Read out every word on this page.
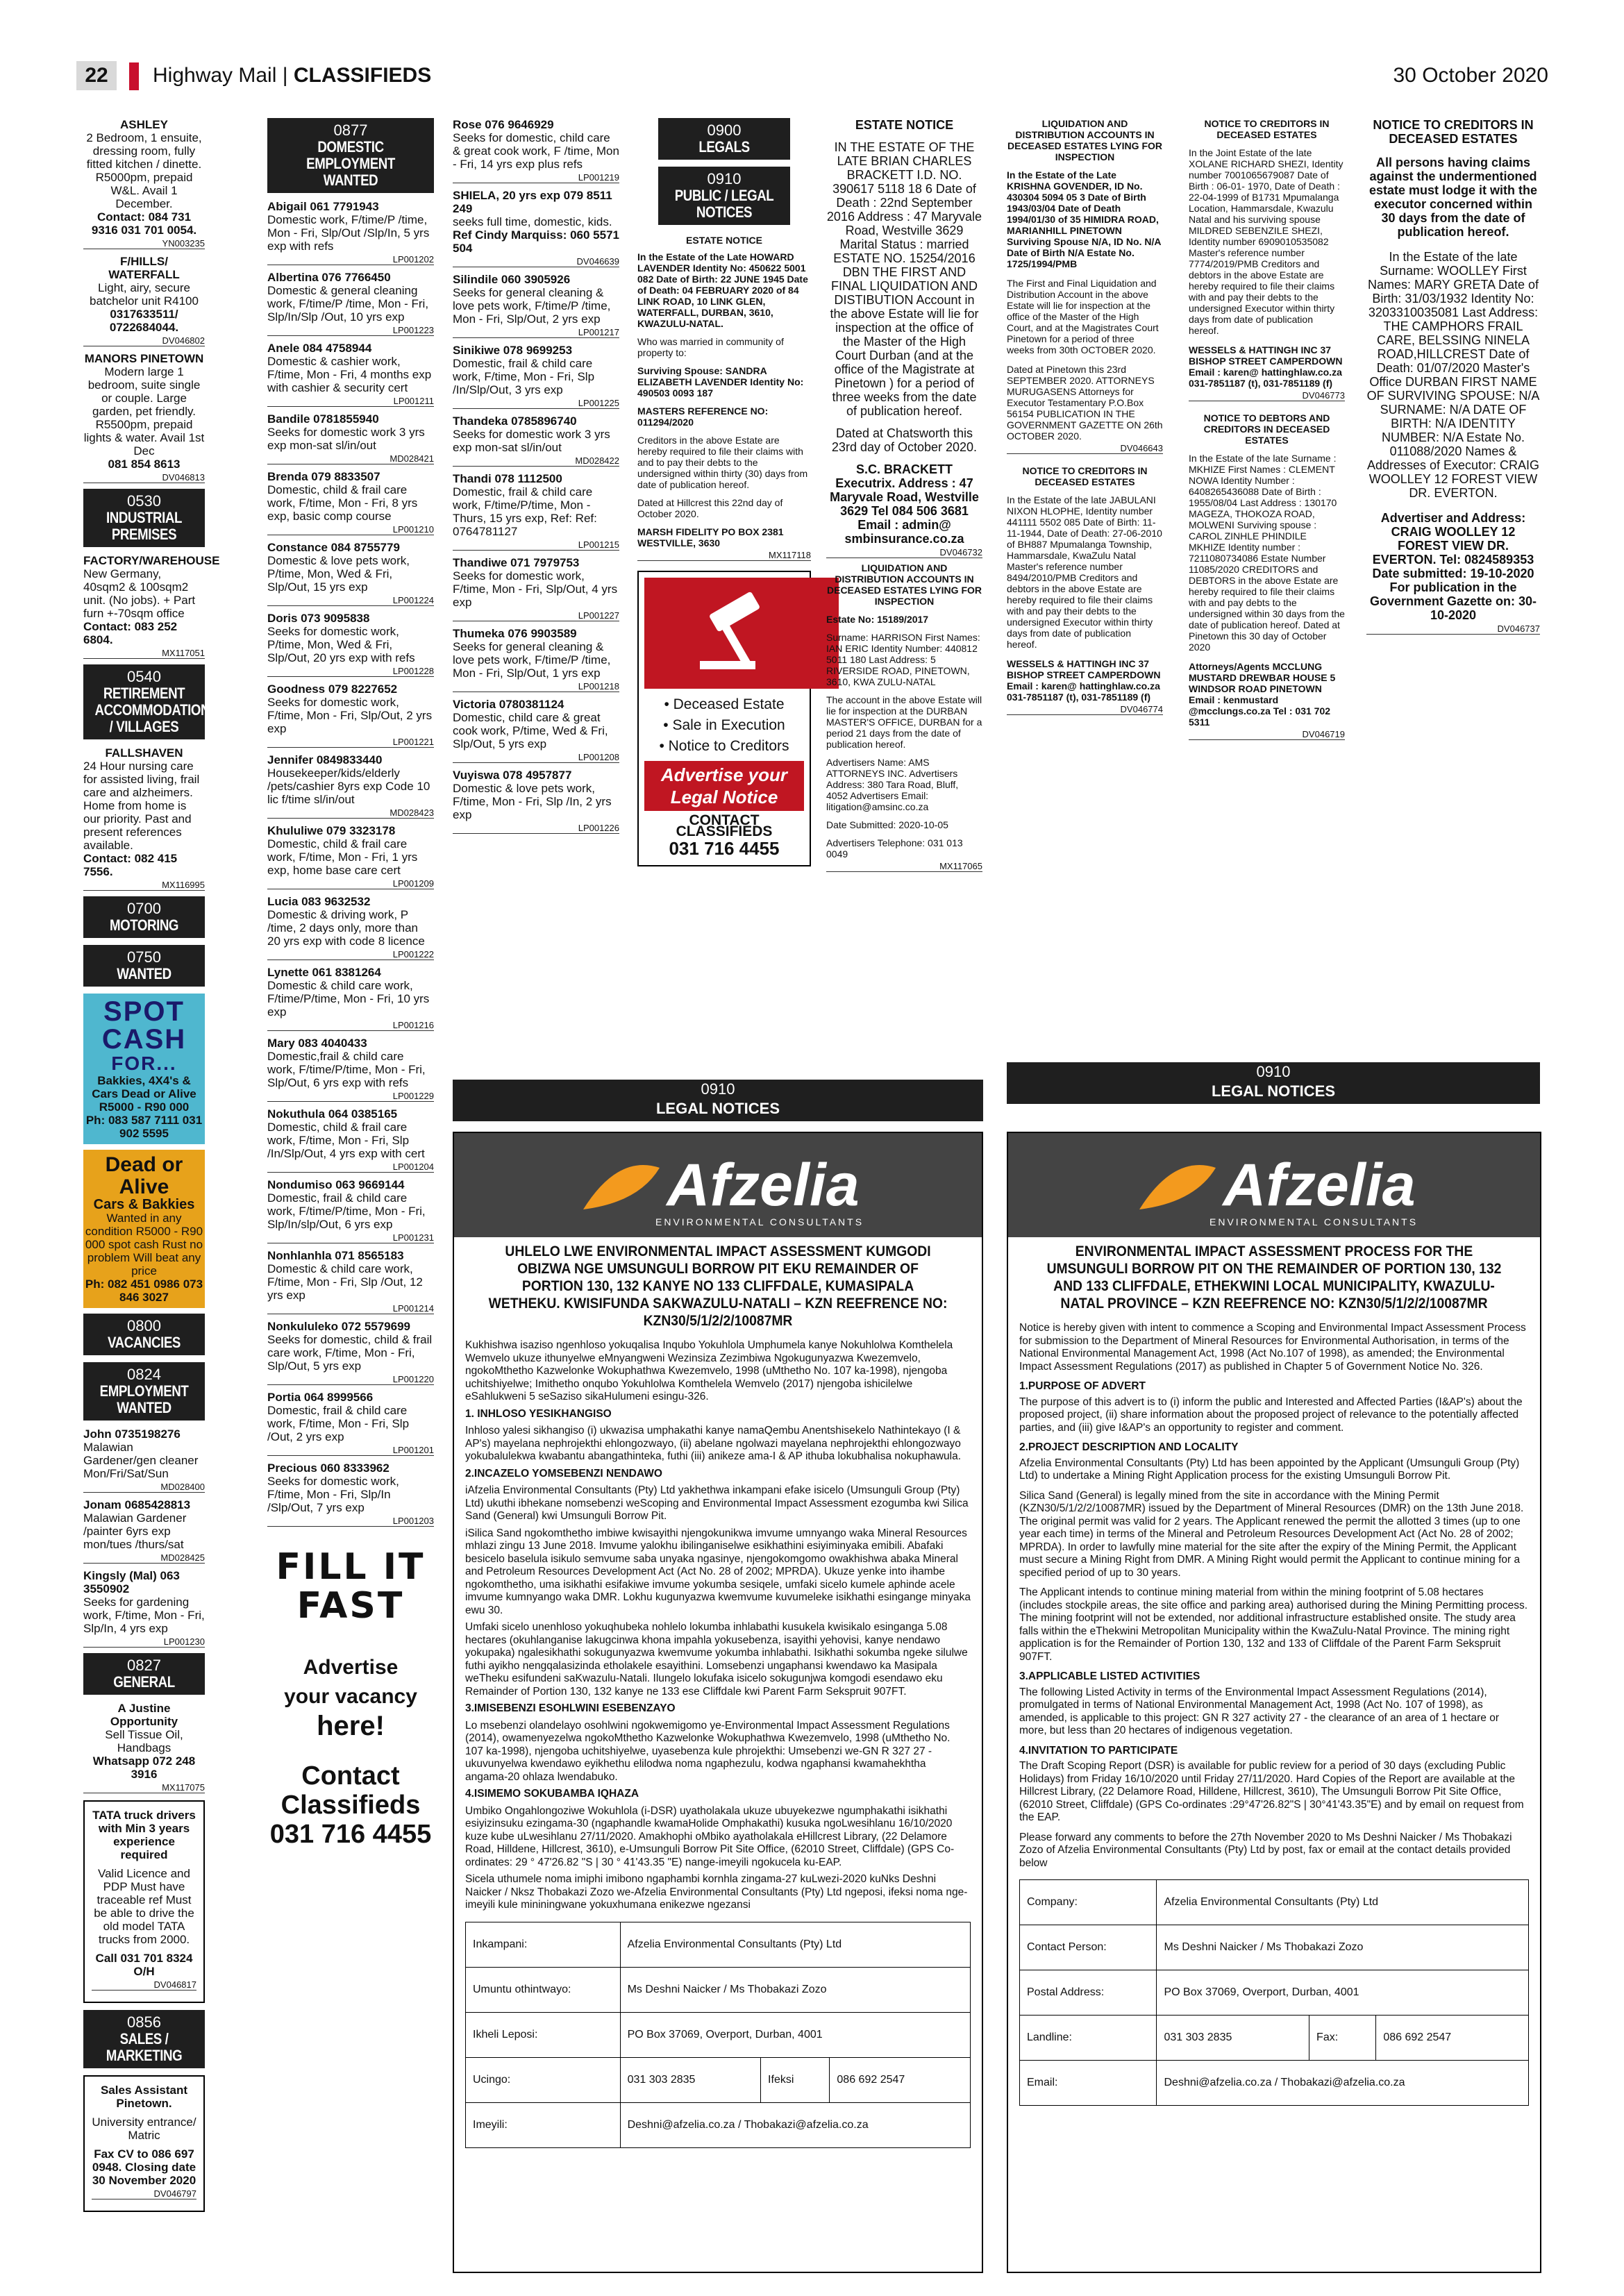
22	Highway Mail | CLASSIFIEDS	30 October 2020
ASHLEY
2 Bedroom, 1 ensuite, dressing room, fully fitted kitchen / dinette. R5000pm, prepaid W&L. Avail 1 December.
Contact: 084 731 9316 031 701 0054.
YN003235
F/HILLS/ WATERFALL
Light, airy, secure batchelor unit R4100
0317633511/ 0722684044.
DV046802
MANORS PINETOWN
Modern large 1 bedroom, suite single or couple. Large garden, pet friendly. R5500pm, prepaid lights & water. Avail 1st Dec
081 854 8613
DV046813
0530
INDUSTRIAL PREMISES
FACTORY/WAREHOUSE
New Germany, 40sqm2 & 100sqm2 unit. (No jobs). + Part furn +-70sqm office
Contact: 083 252 6804.
MX117051
0540
RETIREMENT ACCOMMODATION / VILLAGES
FALLSHAVEN
24 Hour nursing care for assisted living, frail care and alzheimers. Home from home is our priority. Past and present references available.
Contact: 082 415 7556.
MX116995
0700
MOTORING
0750
WANTED
SPOT
CASH
FOR...
Bakkies, 4X4's & Cars Dead or Alive R5000 - R90 000
Ph: 083 587 7111 031 902 5595
Dead or Alive
Cars & Bakkies
Wanted in any condition R5000 - R90 000 spot cash Rust no problem Will beat any price
Ph: 082 451 0986 073 846 3027
0800
VACANCIES
0824
EMPLOYMENT WANTED
John 0735198276
Malawian Gardener/gen cleaner Mon/Fri/Sat/Sun
MD028400
Jonam 0685428813
Malawian Gardener /painter 6yrs exp mon/tues /thurs/sat
MD028425
Kingsly (Mal) 063 3550902
Seeks for gardening work, F/time, Mon - Fri, Slp/In, 4 yrs exp
LP001230
0827
GENERAL
A Justine Opportunity
Sell Tissue Oil, Handbags
Whatsapp 072 248 3916
MX117075
TATA truck drivers with Min 3 years experience required
Valid Licence and PDP Must have traceable ref Must be able to drive the old model TATA trucks from 2000.
Call 031 701 8324 O/H
DV046817
0856
SALES / MARKETING
Sales Assistant Pinetown.
University entrance/ Matric
Fax CV to 086 697 0948. Closing date 30 November 2020
DV046797
0877
DOMESTIC EMPLOYMENT WANTED
Abigail 061 7791943
Domestic work, F/time/P /time, Mon - Fri, Slp/Out /Slp/In, 5 yrs exp with refs
LP001202
Albertina 076 7766450
Domestic & general cleaning work, F/time/P /time, Mon - Fri, Slp/In/Slp /Out, 10 yrs exp
LP001223
Anele 084 4758944
Domestic & cashier work, F/time, Mon - Fri, 4 months exp with cashier & security cert
LP001211
Bandile 0781855940
Seeks for domestic work 3 yrs exp mon-sat sl/in/out
MD028421
Brenda 079 8833507
Domestic, child & frail care work, F/time, Mon - Fri, 8 yrs exp, basic comp course
LP001210
Constance 084 8755779
Domestic & love pets work, P/time, Mon, Wed & Fri, Slp/Out, 15 yrs exp
LP001224
Doris 073 9095838
Seeks for domestic work, P/time, Mon, Wed & Fri, Slp/Out, 20 yrs exp with refs
LP001228
Goodness 079 8227652
Seeks for domestic work, F/time, Mon - Fri, Slp/Out, 2 yrs exp
LP001221
Jennifer 0849833440
Housekeeper/kids/elderly /pets/cashier 8yrs exp Code 10 lic f/time sl/in/out
MD028423
Khululiwe 079 3323178
Domestic, child & frail care work, F/time, Mon - Fri, 1 yrs exp, home base care cert
LP001209
Lucia 083 9632532
Domestic & driving work, P /time, 2 days only, more than 20 yrs exp with code 8 licence
LP001222
Lynette 061 8381264
Domestic & child care work, F/time/P/time, Mon - Fri, 10 yrs exp
LP001216
Mary 083 4040433
Domestic,frail & child care work, F/time/P/time, Mon - Fri, Slp/Out, 6 yrs exp with refs
LP001229
Nokuthula 064 0385165
Domestic, child & frail care work, F/time, Mon - Fri, Slp /In/Slp/Out, 4 yrs exp with cert
LP001204
Nondumiso 063 9669144
Domestic, frail & child care work, F/time/P/time, Mon - Fri, Slp/In/slp/Out, 6 yrs exp
LP001231
Nonhlanhla 071 8565183
Domestic & child care work, F/time, Mon - Fri, Slp /Out, 12 yrs exp
LP001214
Nonkululeko 072 5579699
Seeks for domestic, child & frail care work, F/time, Mon - Fri, Slp/Out, 5 yrs exp
LP001220
Portia 064 8999566
Domestic, frail & child care work, F/time, Mon - Fri, Slp /Out, 2 yrs exp
LP001201
Precious 060 8333962
Seeks for domestic work, F/time, Mon - Fri, Slp/In /Slp/Out, 7 yrs exp
LP001203
FILL IT
FAST
Advertise
your vacancy
here!
Contact
Classifieds
031 716 4455
Rose 076 9646929
Seeks for domestic, child care & great cook work, F /time, Mon - Fri, 14 yrs exp plus refs
LP001219
SHIELA, 20 yrs exp 079 8511 249
seeks full time, domestic, kids.
Ref Cindy Marquiss: 060 5571 504
DV046639
Silindile 060 3905926
Seeks for general cleaning & love pets work, F/time/P /time, Mon - Fri, Slp/Out, 2 yrs exp
LP001217
Sinikiwe 078 9699253
Domestic, frail & child care work, F/time, Mon - Fri, Slp /In/Slp/Out, 3 yrs exp
LP001225
Thandeka 0785896740
Seeks for domestic work 3 yrs exp mon-sat sl/in/out
MD028422
Thandi 078 1112500
Domestic, frail & child care work, F/time/P/time, Mon - Thurs, 15 yrs exp, Ref: Ref: 0764781127
LP001215
Thandiwe 071 7979753
Seeks for domestic work, F/time, Mon - Fri, Slp/Out, 4 yrs exp
LP001227
Thumeka 076 9903589
Seeks for general cleaning & love pets work, F/time/P /time, Mon - Fri, Slp/Out, 1 yrs exp
LP001218
Victoria 0780381124
Domestic, child care & great cook work, P/time, Wed & Fri, Slp/Out, 5 yrs exp
LP001208
Vuyiswa 078 4957877
Domestic & love pets work, F/time, Mon - Fri, Slp /In, 2 yrs exp
LP001226
0900
LEGALS
0910
PUBLIC / LEGAL NOTICES
ESTATE NOTICE
In the Estate of the Late HOWARD LAVENDER Identity No: 450622 5001 082 Date of Birth: 22 JUNE 1945 Date of Death: 04 FEBRUARY 2020 of 84 LINK ROAD, 10 LINK GLEN, WATERFALL, DURBAN, 3610, KWAZULU-NATAL.
Who was married in community of property to:
Surviving Spouse: SANDRA ELIZABETH LAVENDER Identity No: 490503 0093 187
MASTERS REFERENCE NO: 011294/2020
Creditors in the above Estate are hereby required to file their claims with and to pay their debts to the undersigned within thirty (30) days from date of publication hereof.
Dated at Hillcrest this 22nd day of October 2020.
MARSH FIDELITY PO BOX 2381 WESTVILLE, 3630
MX117118
• Deceased Estate
• Sale in Execution
• Notice to Creditors
Advertise your Legal Notice
CONTACT CLASSIFIEDS
031 716 4455
ESTATE NOTICE
IN THE ESTATE OF THE LATE BRIAN CHARLES BRACKETT I.D. NO. 390617 5118 18 6 Date of Death : 22nd September 2016 Address : 47 Maryvale Road, Westville 3629 Marital Status : married ESTATE NO. 15254/2016 DBN THE FIRST AND FINAL LIQUIDATION AND DISTIBUTION Account in the above Estate will lie for inspection at the office of the Master of the High Court Durban (and at the office of the Magistrate at Pinetown ) for a period of three weeks from the date of publication hereof.
Dated at Chatsworth this 23rd day of October 2020.
S.C. BRACKETT Executrix. Address : 47 Maryvale Road, Westville 3629 Tel 084 506 3681 Email : admin@ smbinsurance.co.za
DV046732
LIQUIDATION AND DISTRIBUTION ACCOUNTS IN DECEASED ESTATES LYING FOR INSPECTION
Estate No: 15189/2017
Surname: HARRISON First Names: IAN ERIC Identity Number: 440812 5011 180 Last Address: 5 RIVERSIDE ROAD, PINETOWN, 3610, KWA ZULU-NATAL
The account in the above Estate will lie for inspection at the DURBAN MASTER'S OFFICE, DURBAN for a period 21 days from the date of publication hereof.
Advertisers Name: AMS ATTORNEYS INC. Advertisers Address: 380 Tara Road, Bluff, 4052 Advertisers Email: litigation@amsinc.co.za
Date Submitted: 2020-10-05
Advertisers Telephone: 031 013 0049
MX117065
LIQUIDATION AND DISTRIBUTION ACCOUNTS IN DECEASED ESTATES LYING FOR INSPECTION
In the Estate of the Late KRISHNA GOVENDER, ID No. 430304 5094 05 3 Date of Birth 1943/03/04 Date of Death 1994/01/30 of 35 HIMIDRA ROAD, MARIANHILL PINETOWN Surviving Spouse N/A, ID No. N/A Date of Birth N/A Estate No. 1725/1994/PMB
The First and Final Liquidation and Distribution Account in the above Estate will lie for inspection at the office of the Master of the High Court, and at the Magistrates Court Pinetown for a period of three weeks from 30th OCTOBER 2020.
Dated at Pinetown this 23rd SEPTEMBER 2020. ATTORNEYS MURUGASENS Attorneys for Executor Testamentary P.O.Box 56154 PUBLICATION IN THE GOVERNMENT GAZETTE ON 26th OCTOBER 2020.
DV046643
NOTICE TO CREDITORS IN DECEASED ESTATES
In the Estate of the late JABULANI NIXON HLOPHE, Identity number 441111 5502 085 Date of Birth: 11- 11-1944, Date of Death: 27-06-2010 of BH887 Mpumalanga Township, Hammarsdale, KwaZulu Natal Master's reference number 8494/2010/PMB Creditors and debtors in the above Estate are hereby required to file their claims with and pay their debts to the undersigned Executor within thirty days from date of publication hereof.
WESSELS & HATTINGH INC 37 BISHOP STREET CAMPERDOWN Email : karen@ hattinghlaw.co.za 031-7851187 (t), 031-7851189 (f)
DV046774
NOTICE TO CREDITORS IN DECEASED ESTATES
In the Joint Estate of the late XOLANE RICHARD SHEZI, Identity number 7001065679087 Date of Birth : 06-01- 1970, Date of Death : 22-04-1999 of B1731 Mpumalanga Location, Hammarsdale, Kwazulu Natal and his surviving spouse MILDRED SEBENZILE SHEZI, Identity number 6909010535082 Master's reference number 7774/2019/PMB Creditors and debtors in the above Estate are hereby required to file their claims with and pay their debts to the undersigned Executor within thirty days from date of publication hereof.
WESSELS & HATTINGH INC 37 BISHOP STREET CAMPERDOWN Email : karen@ hattinghlaw.co.za 031-7851187 (t), 031-7851189 (f)
DV046773
NOTICE TO DEBTORS AND CREDITORS IN DECEASED ESTATES
In the Estate of the late Surname : MKHIZE First Names : CLEMENT NOWA Identity Number : 6408265436088 Date of Birth : 1955/08/04 Last Address : 130170 MAGEZA, THOKOZA ROAD, MOLWENI Surviving spouse : CAROL ZINHLE PHINDILE MKHIZE Identity number : 7211080734086 Estate Number 11085/2020 CREDITORS and DEBTORS in the above Estate are hereby required to file their claims with and pay debts to the undersigned within 30 days from the date of publication hereof. Dated at Pinetown this 30 day of October 2020
Attorneys/Agents MCCLUNG MUSTARD DREWBAR HOUSE 5 WINDSOR ROAD PINETOWN Email : kenmustard @mcclungs.co.za Tel : 031 702 5311
DV046719
NOTICE TO CREDITORS IN DECEASED ESTATES
All persons having claims against the undermentioned estate must lodge it with the executor concerned within 30 days from the date of publication hereof.
In the Estate of the late Surname: WOOLLEY First Names: MARY GRETA Date of Birth: 31/03/1932 Identity No: 3203310035081 Last Address: THE CAMPHORS FRAIL CARE, BELSSING NINELA ROAD,HILLCREST Date of Death: 01/07/2020 Master's Office DURBAN FIRST NAME OF SURVIVING SPOUSE: N/A SURNAME: N/A DATE OF BIRTH: N/A IDENTITY NUMBER: N/A Estate No. 011088/2020 Names & Addresses of Executor: CRAIG WOOLLEY 12 FOREST VIEW DR. EVERTON.
Advertiser and Address: CRAIG WOOLLEY 12 FOREST VIEW DR. EVERTON. Tel: 0824589353 Date submitted: 19-10-2020 For publication in the Government Gazette on: 30-10-2020
DV046737
0910
LEGAL NOTICES
0910
LEGAL NOTICES
Afzelia
ENVIRONMENTAL CONSULTANTS
UHLELO LWE ENVIRONMENTAL IMPACT ASSESSMENT KUMGODI OBIZWA NGE UMSUNGULI BORROW PIT EKU REMAINDER OF PORTION 130, 132 KANYE NO 133 CLIFFDALE, KUMASIPALA WETHEKU. KWISIFUNDA SAKWAZULU-NATALI – KZN REEFRENCE NO: KZN30/5/1/2/2/10087MR

Kukhishwa isaziso ngenhloso yokuqalisa Inqubo Yokuhlola Umphumela kanye Nokuhlolwa Komthelela Wemvelo ukuze ithunyelwe eMnyangweni Wezinsiza Zezimbiwa Ngokugunyazwa Kwezemvelo, ngokoMthetho Kazwelonke Wokuphathwa Kwezemvelo, 1998 (uMthetho No. 107 ka-1998), njengoba uchitshiyelwe; Imithetho onqubo Yokuhlolwa Komthelela Wemvelo (2017) njengoba ishicilelwe eSahlukweni 5 seSaziso sikaHulumeni esingu-326.

1. INHLOSO YESIKHANGISO

Inhloso yalesi sikhangiso (i) ukwazisa umphakathi kanye namaQembu Anentshisekelo Nathintekayo (I & AP's) mayelana nephrojekthi ehlongozwayo, (ii) abelane ngolwazi mayelana nephrojekthi ehlongozwayo yokubalulekwa kwabantu abangathinteka, futhi (iii) anikeze ama-I & AP ithuba lokubhalisa nokuphawula.

2.INCAZELO YOMSEBENZI NENDAWO

iAfzelia Environmental Consultants (Pty) Ltd yakhethwa inkampani efake isicelo (Umsunguli Group (Pty) Ltd) ukuthi ibhekane nomsebenzi weScoping and Environmental Impact Assessment ezogumba kwi Silica Sand (General) kwi Umsunguli Borrow Pit.

iSilica Sand ngokomthetho imbiwe kwisayithi njengokunikwa imvume umnyango waka Mineral Resources mhlazi zingu 13 June 2018. Imvume yalokhu ibilinganiselwe esikhathini esiyiminyaka emibili. Abafaki besicelo baselula isikulo semvume saba unyaka ngasinye, njengokomgomo owakhishwa abaka Mineral and Petroleum Resources Development Act (Act No. 28 of 2002; MPRDA). Ukuze yenke into ihambe ngokomthetho, uma isikhathi esifakiwe imvume yokumba sesiqele, umfaki sicelo kumele aphinde acele imvume kumnyango waka DMR. Lokhu kugunyazwa kwemvume kuvumeleke isikhathi esingange minyaka ewu 30.

Umfaki sicelo unenhloso yokuqhubeka nohlelo lokumba inhlabathi kusukela kwisikalo esinganga 5.08 hectares (okuhlanganise lakugcinwa khona impahla yokusebenza, isayithi yehovisi, kanye nendawo yokupaka) ngalesikhathi sokugunyazwa kwemvume yokumba inhlabathi. Isikhathi sokumba ngeke silulwe futhi ayikho nengqalasizinda etholakele esayithini. Lomsebenzi ungaphansi kwendawo ka Masipala weTheku esifundeni saKwazulu-Natali. Ilungelo lokufaka isicelo sokugunjwa komgodi esendawo eku Remainder of Portion 130, 132 kanye ne 133 ese Cliffdale kwi Parent Farm Sekspruit 907FT.

3.IMISEBENZI ESOHLWINI ESEBENZAYO

Lo msebenzi olandelayo osohlwini ngokwemigomo ye-Environmental Impact Assessment Regulations (2014), owamenyezelwa ngokoMthetho Kazwelonke Wokuphathwa Kwezemvelo, 1998 (uMthetho No. 107 ka-1998), njengoba uchitshiyelwe, uyasebenza kule phrojekthi: Umsebenzi we-GN R 327 27 - ukuvunyelwa kwendawo eyikhethu elilodwa noma ngaphezulu, kodwa ngaphansi kwamahekhtha angama-20 ohlaza lwendabuko.

4.ISIMEMO SOKUBAMBA IQHAZA

Umbiko Ongahlongoziwe Wokuhlola (i-DSR) uyatholakala ukuze ubuyekezwe ngumphakathi isikhathi esiyizinsuku ezingama-30 (ngaphandle kwamaHolide Omphakathi) kusuka ngoLwesihlanu 16/10/2020 kuze kube uLwesihlanu 27/11/2020. Amakhophi oMbiko ayatholakala eHillcrest Library, (22 Delamore Road, Hilldene, Hillcrest, 3610), e-Umsunguli Borrow Pit Site Office, (62010 Street, Cliffdale) (GPS Co-ordinates: 29 ° 47'26.82 "S | 30 ° 41'43.35 "E) nange-imeyili ngokucela ku-EAP.

Sicela uthumele noma imiphi imibono ngaphambi kornhla zingama-27 kuLwezi-2020 kuNks Deshni Naicker / Nksz Thobakazi Zozo we-Afzelia Environmental Consultants (Pty) Ltd ngeposi, ifeksi noma nge-imeyili kule mininingwane yokuxhumana enikezwe ngezansi

Inkampani:	Afzelia Environmental Consultants (Pty) Ltd		
Umuntu othintwayo:	Ms Deshni Naicker / Ms Thobakazi Zozo		
Ikheli Leposi:	PO Box 37069, Overport, Durban, 4001		
Ucingo:	031 303 2835	Ifeksi	086 692 2547
Imeyili:	Deshni@afzelia.co.za / Thobakazi@afzelia.co.za		
Afzelia
ENVIRONMENTAL CONSULTANTS
ENVIRONMENTAL IMPACT ASSESSMENT PROCESS FOR THE UMSUNGULI BORROW PIT ON THE REMAINDER OF PORTION 130, 132 AND 133 CLIFFDALE, ETHEKWINI LOCAL MUNICIPALITY, KWAZULU-NATAL PROVINCE – KZN REEFRENCE NO: KZN30/5/1/2/2/10087MR

Notice is hereby given with intent to commence a Scoping and Environmental Impact Assessment Process for submission to the Department of Mineral Resources for Environmental Authorisation, in terms of the National Environmental Management Act, 1998 (Act No.107 of 1998), as amended; the Environmental Impact Assessment Regulations (2017) as published in Chapter 5 of Government Notice No. 326.

1.PURPOSE OF ADVERT

The purpose of this advert is to (i) inform the public and Interested and Affected Parties (I&AP's) about the proposed project, (ii) share information about the proposed project of relevance to the potentially affected parties, and (iii) give I&AP's an opportunity to register and comment.

2.PROJECT DESCRIPTION AND LOCALITY

Afzelia Environmental Consultants (Pty) Ltd has been appointed by the Applicant (Umsunguli Group (Pty) Ltd) to undertake a Mining Right Application process for the existing Umsunguli Borrow Pit.

Silica Sand (General) is legally mined from the site in accordance with the Mining Permit (KZN30/5/1/2/2/10087MR) issued by the Department of Mineral Resources (DMR) on the 13th June 2018. The original permit was valid for 2 years. The Applicant renewed the permit the allotted 3 times (up to one year each time) in terms of the Mineral and Petroleum Resources Development Act (Act No. 28 of 2002; MPRDA). In order to lawfully mine material for the site after the expiry of the Mining Permit, the Applicant must secure a Mining Right from DMR. A Mining Right would permit the Applicant to continue mining for a specified period of up to 30 years.

The Applicant intends to continue mining material from within the mining footprint of 5.08 hectares (includes stockpile areas, the site office and parking area) authorised during the Mining Permitting process. The mining footprint will not be extended, nor additional infrastructure established onsite. The study area falls within the eThekwini Metropolitan Municipality within the KwaZulu-Natal Province. The mining right application is for the Remainder of Portion 130, 132 and 133 of Cliffdale of the Parent Farm Sekspruit 907FT.

3.APPLICABLE LISTED ACTIVITIES

The following Listed Activity in terms of the Environmental Impact Assessment Regulations (2014), promulgated in terms of National Environmental Management Act, 1998 (Act No. 107 of 1998), as amended, is applicable to this project: GN R 327 activity 27 - the clearance of an area of 1 hectare or more, but less than 20 hectares of indigenous vegetation.

4.INVITATION TO PARTICIPATE

The Draft Scoping Report (DSR) is available for public review for a period of 30 days (excluding Public Holidays) from Friday 16/10/2020 until Friday 27/11/2020. Hard Copies of the Report are available at the Hillcrest Library, (22 Delamore Road, Hilldene, Hillcrest, 3610), The Umsunguli Borrow Pit Site Office, (62010 Street, Cliffdale) (GPS Co-ordinates :29°47'26.82"S | 30°41'43.35"E) and by email on request from the EAP.

Please forward any comments to before the 27th November 2020 to Ms Deshni Naicker / Ms Thobakazi Zozo of Afzelia Environmental Consultants (Pty) Ltd by post, fax or email at the contact details provided below

Company:	Afzelia Environmental Consultants (Pty) Ltd		
Contact Person:	Ms Deshni Naicker / Ms Thobakazi Zozo		
Postal Address:	PO Box 37069, Overport, Durban, 4001		
Landline:	031 303 2835	Fax:	086 692 2547
Email:	Deshni@afzelia.co.za / Thobakazi@afzelia.co.za		
